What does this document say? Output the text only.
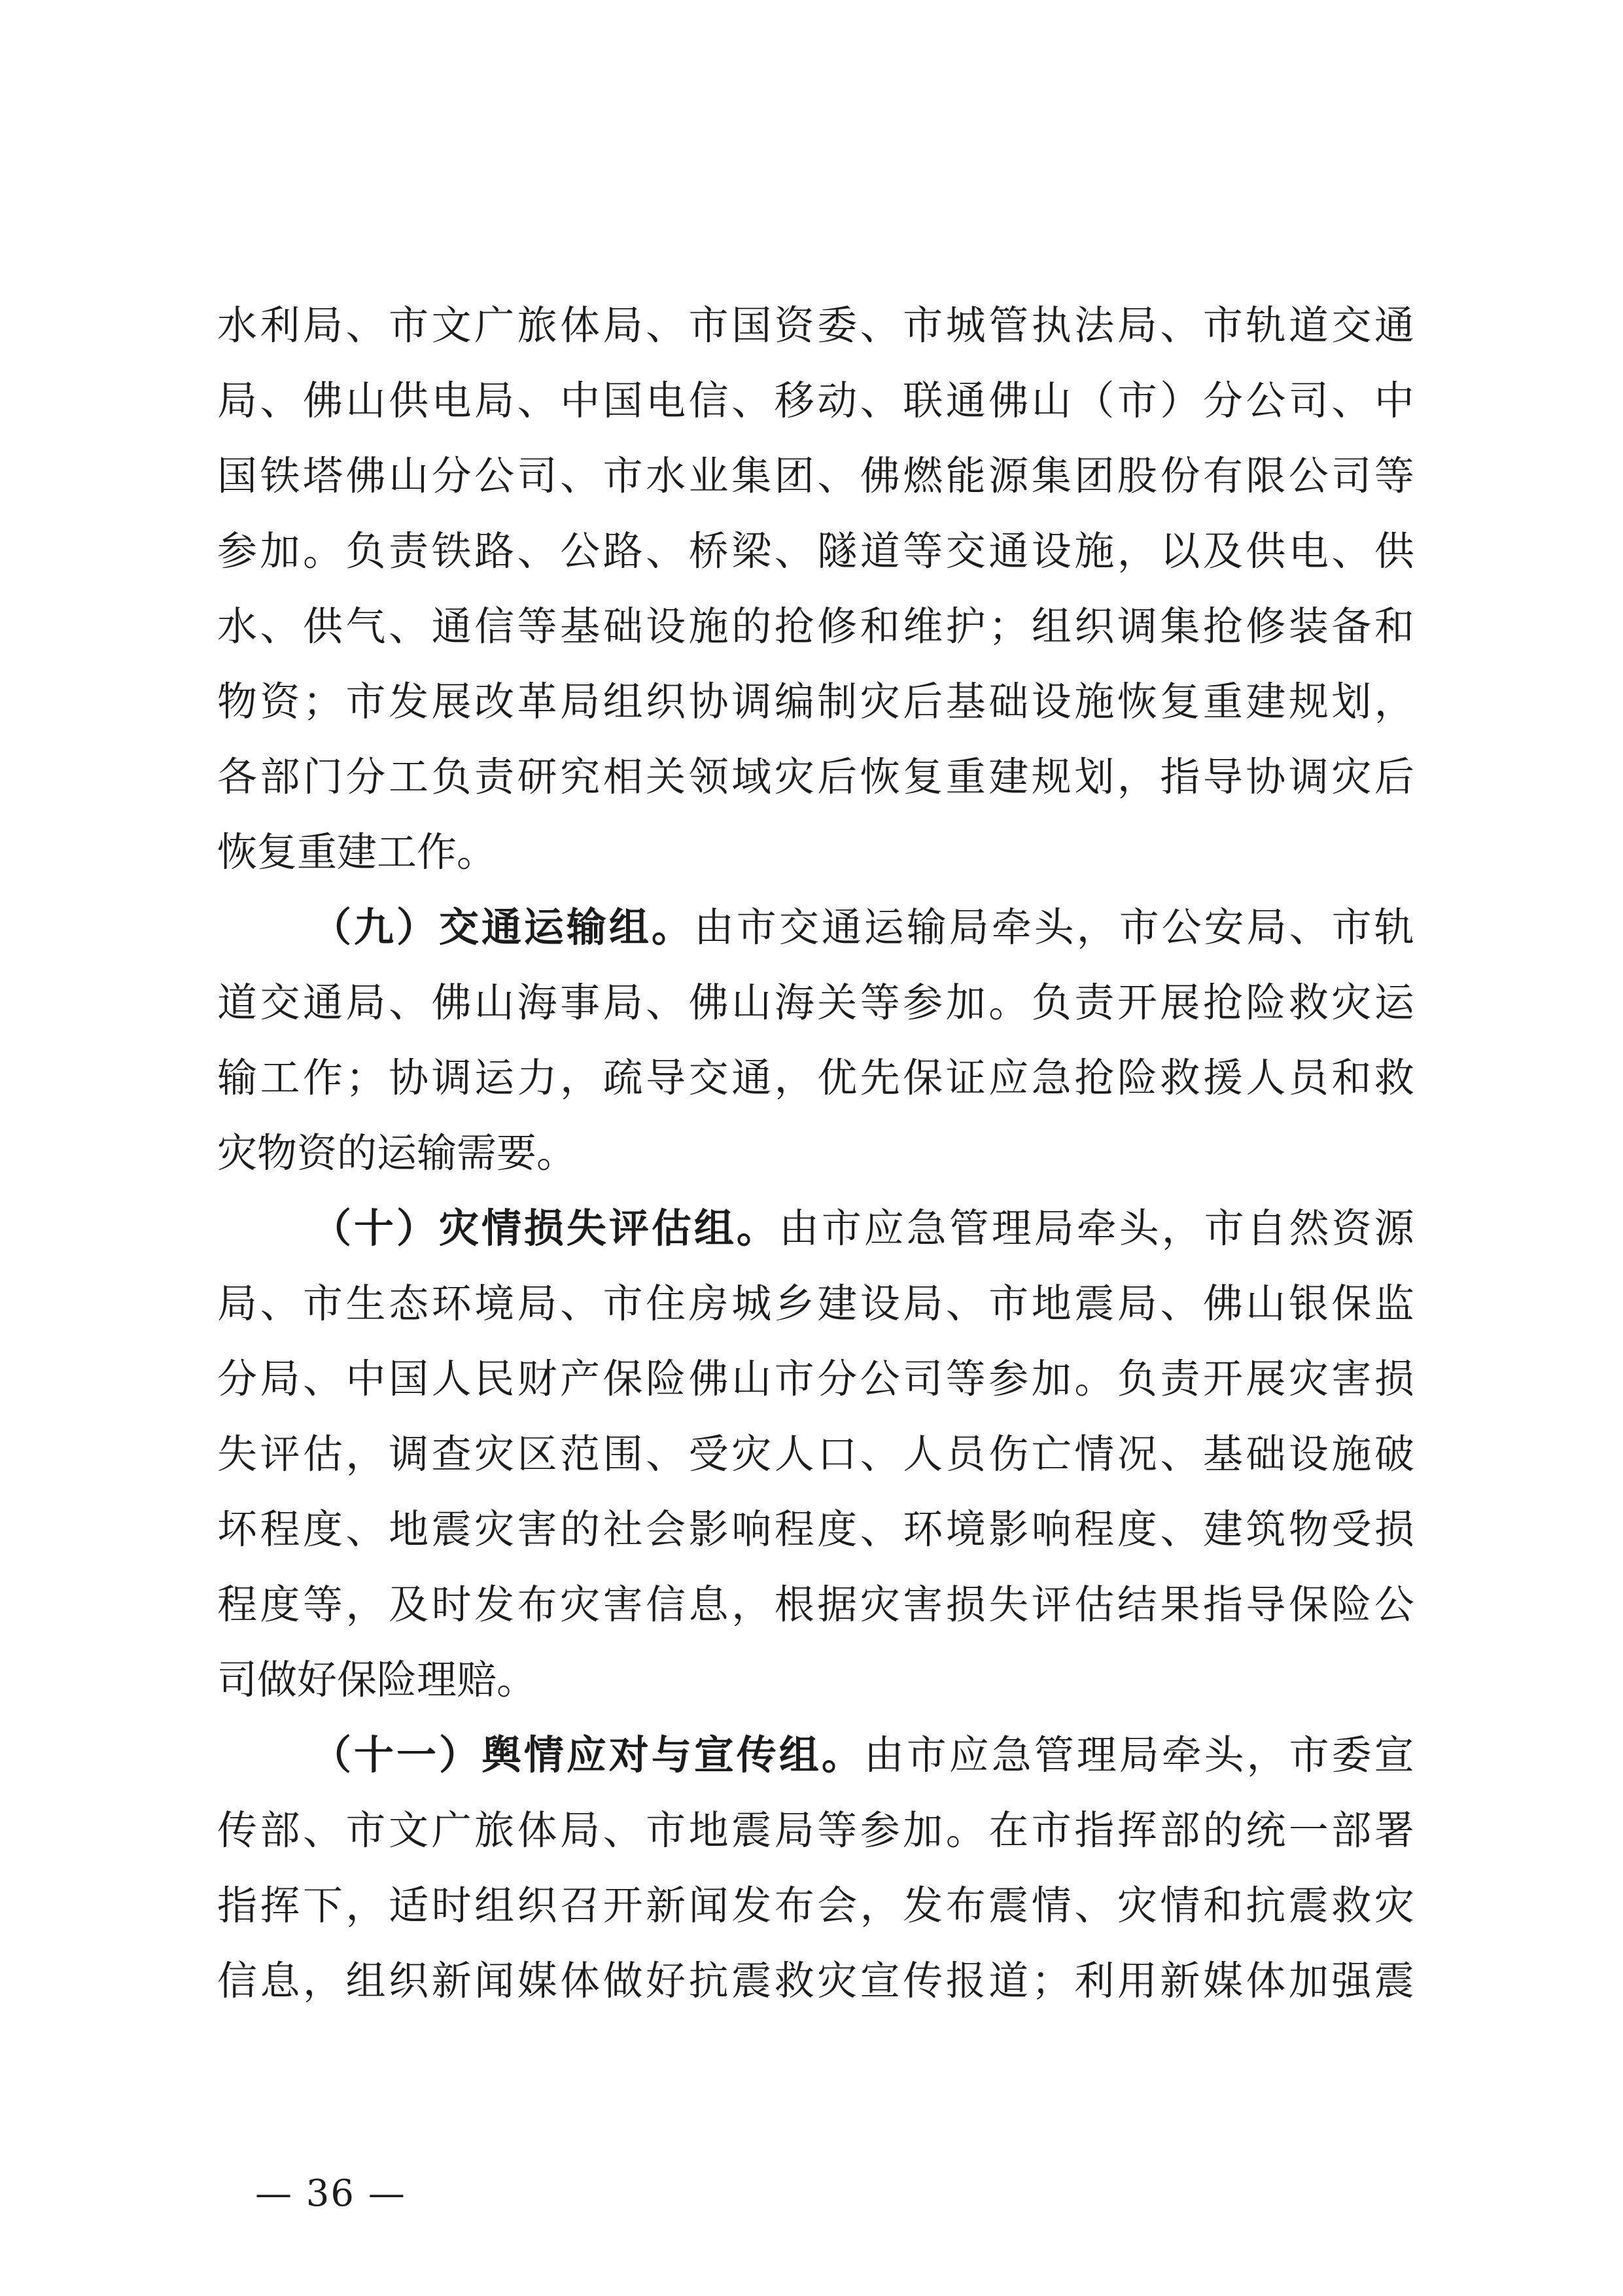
水 利 局 、 市 文 广 旅 体 局 、 市 国 资 委 、 市 城 管 执 法 局 、 市 轨 道 交 通
局 、 佛 山 供 电 局 、 中 国 电 信 、 移 动 、 联 通 佛 山 （ 市 ） 分 公 司 、 中
国 铁 塔 佛 山 分 公 司 、 市 水 业 集 团 、 佛 燃 能 源 集 团 股 份 有 限 公 司 等
参 加 。 负 责 铁 路 、 公 路 、 桥 梁 、 隧 道 等 交 通 设 施 ， 以 及 供 电 、 供
水 、 供 气 、 通 信 等 基 础 设 施 的 抢 修 和 维 护 ； 组 织 调 集 抢 修 装 备 和
物 资 ； 市 发 展 改 革 局 组 织 协 调 编 制 灾 后 基 础 设 施 恢 复 重 建 规 划 ，
各 部 门 分 工 负 责 研 究 相 关 领 域 灾 后 恢 复 重 建 规 划 ， 指 导 协 调 灾 后
恢复重建工作。
（ 九 ） 交 通 运 输 组 。 由 市 交 通 运 输 局 牵 头 ， 市 公 安 局 、 市 轨
道 交 通 局 、 佛 山 海 事 局 、 佛 山 海 关 等 参 加 。 负 责 开 展 抢 险 救 灾 运
输 工 作 ； 协 调 运 力 ， 疏 导 交 通 ， 优 先 保 证 应 急 抢 险 救 援 人 员 和 救
灾物资的运输需要。
（ 十 ） 灾 情 损 失 评 估 组 。 由 市 应 急 管 理 局 牵 头 ， 市 自 然 资 源
局 、 市 生 态 环 境 局 、 市 住 房 城 乡 建 设 局 、 市 地 震 局 、 佛 山 银 保 监
分 局 、 中 国 人 民 财 产 保 险 佛 山 市 分 公 司 等 参 加 。 负 责 开 展 灾 害 损
失 评 估 ， 调 查 灾 区 范 围 、 受 灾 人 口 、 人 员 伤 亡 情 况 、 基 础 设 施 破
坏 程 度 、 地 震 灾 害 的 社 会 影 响 程 度 、 环 境 影 响 程 度 、 建 筑 物 受 损
程 度 等 ， 及 时 发 布 灾 害 信 息 ， 根 据 灾 害 损 失 评 估 结 果 指 导 保 险 公
司做好保险理赔。
（ 十 一 ） 舆 情 应 对 与 宣 传 组 。 由 市 应 急 管 理 局 牵 头 ， 市 委 宣
传 部 、 市 文 广 旅 体 局 、 市 地 震 局 等 参 加 。 在 市 指 挥 部 的 统 一 部 署
指 挥 下 ， 适 时 组 织 召 开 新 闻 发 布 会 ， 发 布 震 情 、 灾 情 和 抗 震 救 灾
信 息 ， 组 织 新 闻 媒 体 做 好 抗 震 救 灾 宣 传 报 道 ； 利 用 新 媒 体 加 强 震
— 36 —
